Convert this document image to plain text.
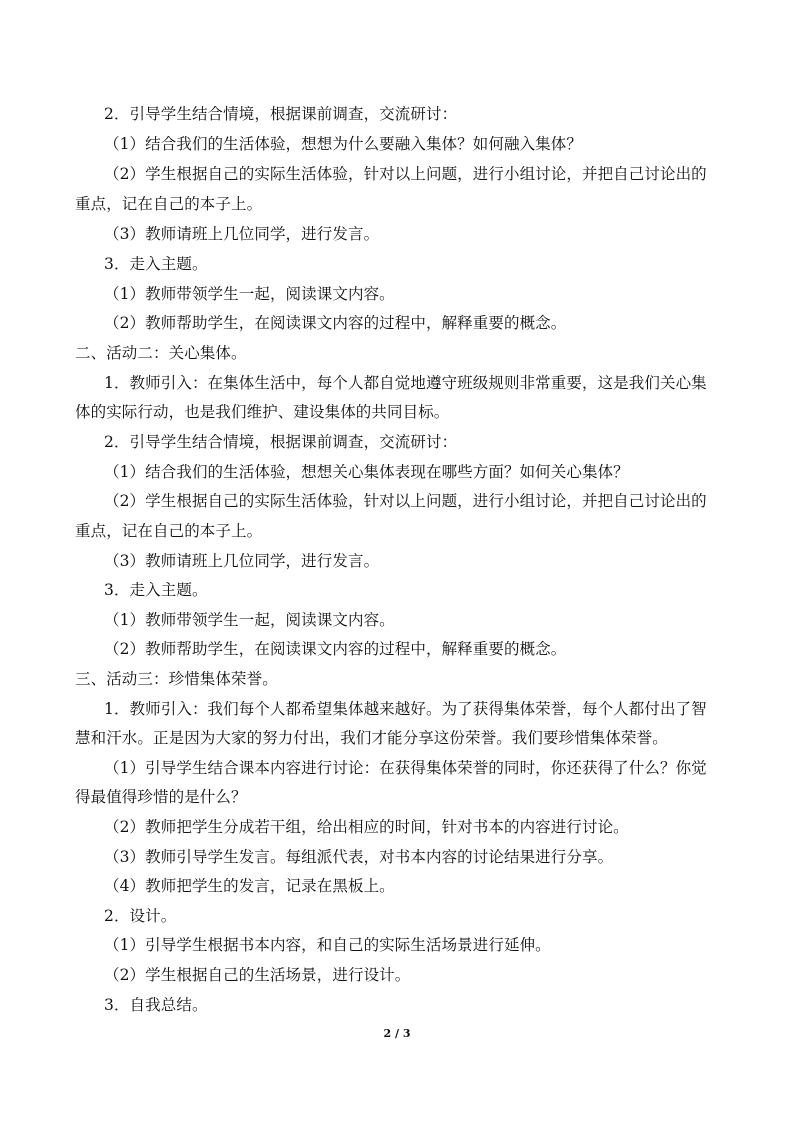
2．引导学生结合情境，根据课前调查，交流研讨：
（1）结合我们的生活体验，想想为什么要融入集体？如何融入集体？
（2）学生根据自己的实际生活体验，针对以上问题，进行小组讨论，并把自己讨论出的
重点，记在自己的本子上。
（3）教师请班上几位同学，进行发言。
3．走入主题。
（1）教师带领学生一起，阅读课文内容。
（2）教师帮助学生，在阅读课文内容的过程中，解释重要的概念。
二、活动二：关心集体。
1．教师引入：在集体生活中，每个人都自觉地遵守班级规则非常重要，这是我们关心集
体的实际行动，也是我们维护、建设集体的共同目标。
2．引导学生结合情境，根据课前调查，交流研讨：
（1）结合我们的生活体验，想想关心集体表现在哪些方面？如何关心集体？
（2）学生根据自己的实际生活体验，针对以上问题，进行小组讨论，并把自己讨论出的
重点，记在自己的本子上。
（3）教师请班上几位同学，进行发言。
3．走入主题。
（1）教师带领学生一起，阅读课文内容。
（2）教师帮助学生，在阅读课文内容的过程中，解释重要的概念。
三、活动三：珍惜集体荣誉。
1．教师引入：我们每个人都希望集体越来越好。为了获得集体荣誉，每个人都付出了智
慧和汗水。正是因为大家的努力付出，我们才能分享这份荣誉。我们要珍惜集体荣誉。
（1）引导学生结合课本内容进行讨论：在获得集体荣誉的同时，你还获得了什么？你觉
得最值得珍惜的是什么？
（2）教师把学生分成若干组，给出相应的时间，针对书本的内容进行讨论。
（3）教师引导学生发言。每组派代表，对书本内容的讨论结果进行分享。
（4）教师把学生的发言，记录在黑板上。
2．设计。
（1）引导学生根据书本内容，和自己的实际生活场景进行延伸。
（2）学生根据自己的生活场景，进行设计。
3．自我总结。
2 / 3
